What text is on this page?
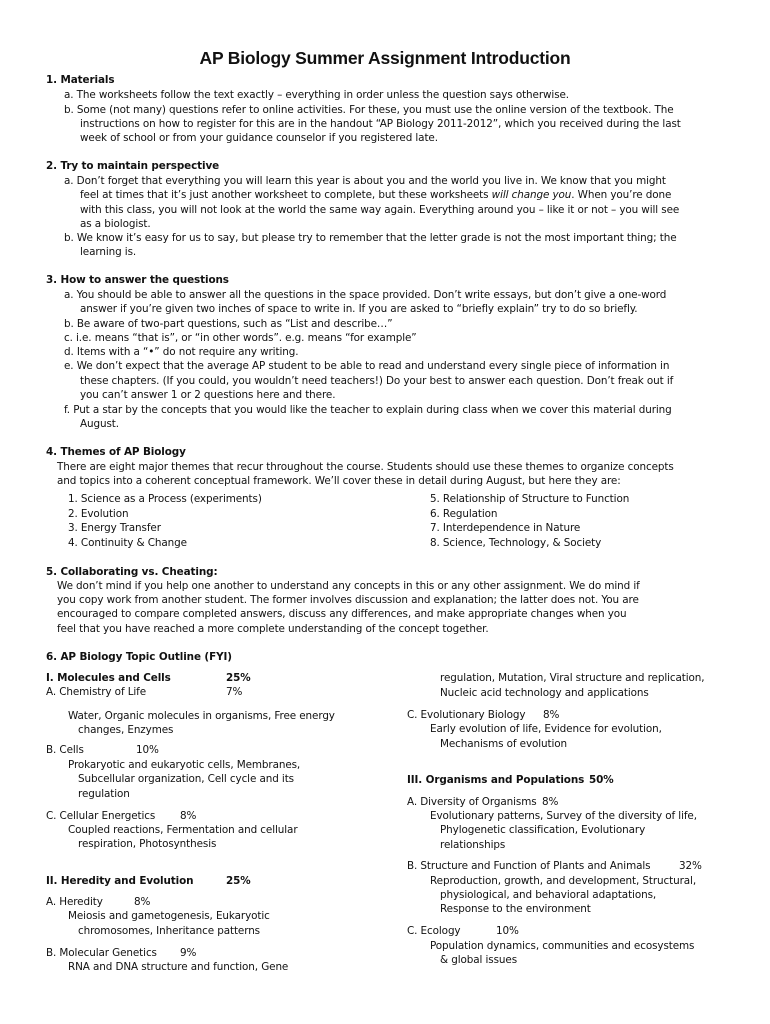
AP Biology Summer Assignment Introduction
1. Materials
a. The worksheets follow the text exactly – everything in order unless the question says otherwise.
b. Some (not many) questions refer to online activities. For these, you must use the online version of the textbook. The
instructions on how to register for this are in the handout “AP Biology 2011-2012”, which you received during the last
week of school or from your guidance counselor if you registered late.
2. Try to maintain perspective
a. Don’t forget that everything you will learn this year is about you and the world you live in. We know that you might
feel at times that it’s just another worksheet to complete, but these worksheets will change you. When you’re done
with this class, you will not look at the world the same way again. Everything around you – like it or not – you will see
as a biologist.
b. We know it’s easy for us to say, but please try to remember that the letter grade is not the most important thing; the
learning is.
3. How to answer the questions
a. You should be able to answer all the questions in the space provided. Don’t write essays, but don’t give a one-word
answer if you’re given two inches of space to write in. If you are asked to “briefly explain” try to do so briefly.
b. Be aware of two-part questions, such as “List and describe…”
c. i.e. means “that is”, or “in other words”. e.g. means “for example”
d. Items with a “•” do not require any writing.
e. We don’t expect that the average AP student to be able to read and understand every single piece of information in
these chapters. (If you could, you wouldn’t need teachers!) Do your best to answer each question. Don’t freak out if
you can’t answer 1 or 2 questions here and there.
f. Put a star by the concepts that you would like the teacher to explain during class when we cover this material during
August.
4. Themes of AP Biology
There are eight major themes that recur throughout the course. Students should use these themes to organize concepts
and topics into a coherent conceptual framework. We’ll cover these in detail during August, but here they are:
1. Science as a Process (experiments)
2. Evolution
3. Energy Transfer
4. Continuity & Change
5. Relationship of Structure to Function
6. Regulation
7. Interdependence in Nature
8. Science, Technology, & Society
5. Collaborating vs. Cheating:
We don’t mind if you help one another to understand any concepts in this or any other assignment. We do mind if
you copy work from another student. The former involves discussion and explanation; the latter does not. You are
encouraged to compare completed answers, discuss any differences, and make appropriate changes when you
feel that you have reached a more complete understanding of the concept together.
6. AP Biology Topic Outline (FYI)
I. Molecules and Cells	25%
A. Chemistry of Life	7%
Water, Organic molecules in organisms, Free energy
changes, Enzymes
B. Cells	10%
Prokaryotic and eukaryotic cells, Membranes,
Subcellular organization, Cell cycle and its
regulation
C. Cellular Energetics 8%
Coupled reactions, Fermentation and cellular
respiration, Photosynthesis
II. Heredity and Evolution	25%
A. Heredity	8%
Meiosis and gametogenesis, Eukaryotic
chromosomes, Inheritance patterns
B. Molecular Genetics 9%
RNA and DNA structure and function, Gene
regulation, Mutation, Viral structure and replication,
Nucleic acid technology and applications
C. Evolutionary Biology 8%
Early evolution of life, Evidence for evolution,
Mechanisms of evolution
III. Organisms and Populations 50%
A. Diversity of Organisms 8%
Evolutionary patterns, Survey of the diversity of life,
Phylogenetic classification, Evolutionary
relationships
B. Structure and Function of Plants and Animals	32%
Reproduction, growth, and development, Structural,
physiological, and behavioral adaptations,
Response to the environment
C. Ecology	10%
Population dynamics, communities and ecosystems
& global issues
